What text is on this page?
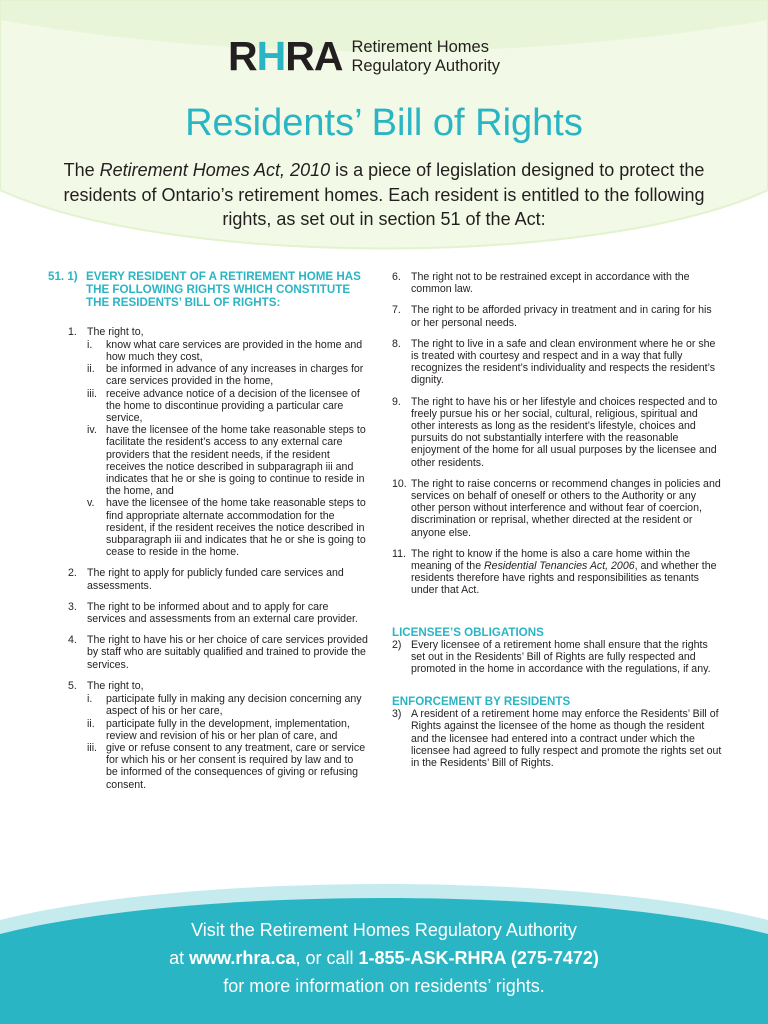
RHRA Retirement Homes
Regulatory Authority
Residents’ Bill of Rights

The Retirement Homes Act, 2010 is a piece of legislation designed to protect the residents of Ontario’s retirement homes. Each resident is entitled to the following rights, as set out in section 51 of the Act:

51. 1) EVERY RESIDENT OF A RETIREMENT HOME HAS THE FOLLOWING RIGHTS WHICH CONSTITUTE THE RESIDENTS’ BILL OF RIGHTS:
1. The right to,
i.	know what care services are provided in the home and how much they cost,
ii.	be informed in advance of any increases in charges for care services provided in the home,
iii. receive advance notice of a decision of the licensee of the home to discontinue providing a particular care service,
iv. have the licensee of the home take reasonable steps to facilitate the resident’s access to any external care providers that the resident needs, if the resident receives the notice described in subparagraph iii and indicates that he or she is going to continue to reside in the home, and
v.	have the licensee of the home take reasonable steps to find appropriate alternate accommodation for the resident, if the resident receives the notice described in subparagraph iii and indicates that he or she is going to cease to reside in the home.
2. The right to apply for publicly funded care services and assessments.
3. The right to be informed about and to apply for care services and assessments from an external care provider.
4. The right to have his or her choice of care services provided by staff who are suitably qualified and trained to provide the services.
5. The right to,
i.	participate fully in making any decision concerning any aspect of his or her care,
ii.	participate fully in the development, implementation, review and revision of his or her plan of care, and
iii. give or refuse consent to any treatment, care or service for which his or her consent is required by law and to be informed of the consequences of giving or refusing consent.
6. The right not to be restrained except in accordance with the common law.
7. The right to be afforded privacy in treatment and in caring for his or her personal needs.
8. The right to live in a safe and clean environment where he or she is treated with courtesy and respect and in a way that fully recognizes the resident’s individuality and respects the resident’s dignity.
9. The right to have his or her lifestyle and choices respected and to freely pursue his or her social, cultural, religious, spiritual and other interests as long as the resident’s lifestyle, choices and pursuits do not substantially interfere with the reasonable enjoyment of the home for all usual purposes by the licensee and other residents.
10. The right to raise concerns or recommend changes in policies and services on behalf of oneself or others to the Authority or any other person without interference and without fear of coercion, discrimination or reprisal, whether directed at the resident or anyone else.
11. The right to know if the home is also a care home within the meaning of the Residential Tenancies Act, 2006, and whether the residents therefore have rights and responsibilities as tenants under that Act.
LICENSEE’S OBLIGATIONS
2) Every licensee of a retirement home shall ensure that the rights set out in the Residents’ Bill of Rights are fully respected and promoted in the home in accordance with the regulations, if any.
ENFORCEMENT BY RESIDENTS
3) A resident of a retirement home may enforce the Residents’ Bill of Rights against the licensee of the home as though the resident and the licensee had entered into a contract under which the licensee had agreed to fully respect and promote the rights set out in the Residents’ Bill of Rights.
Visit the Retirement Homes Regulatory Authority
at www.rhra.ca, or call 1-855-ASK-RHRA (275-7472)
for more information on residents’ rights.
